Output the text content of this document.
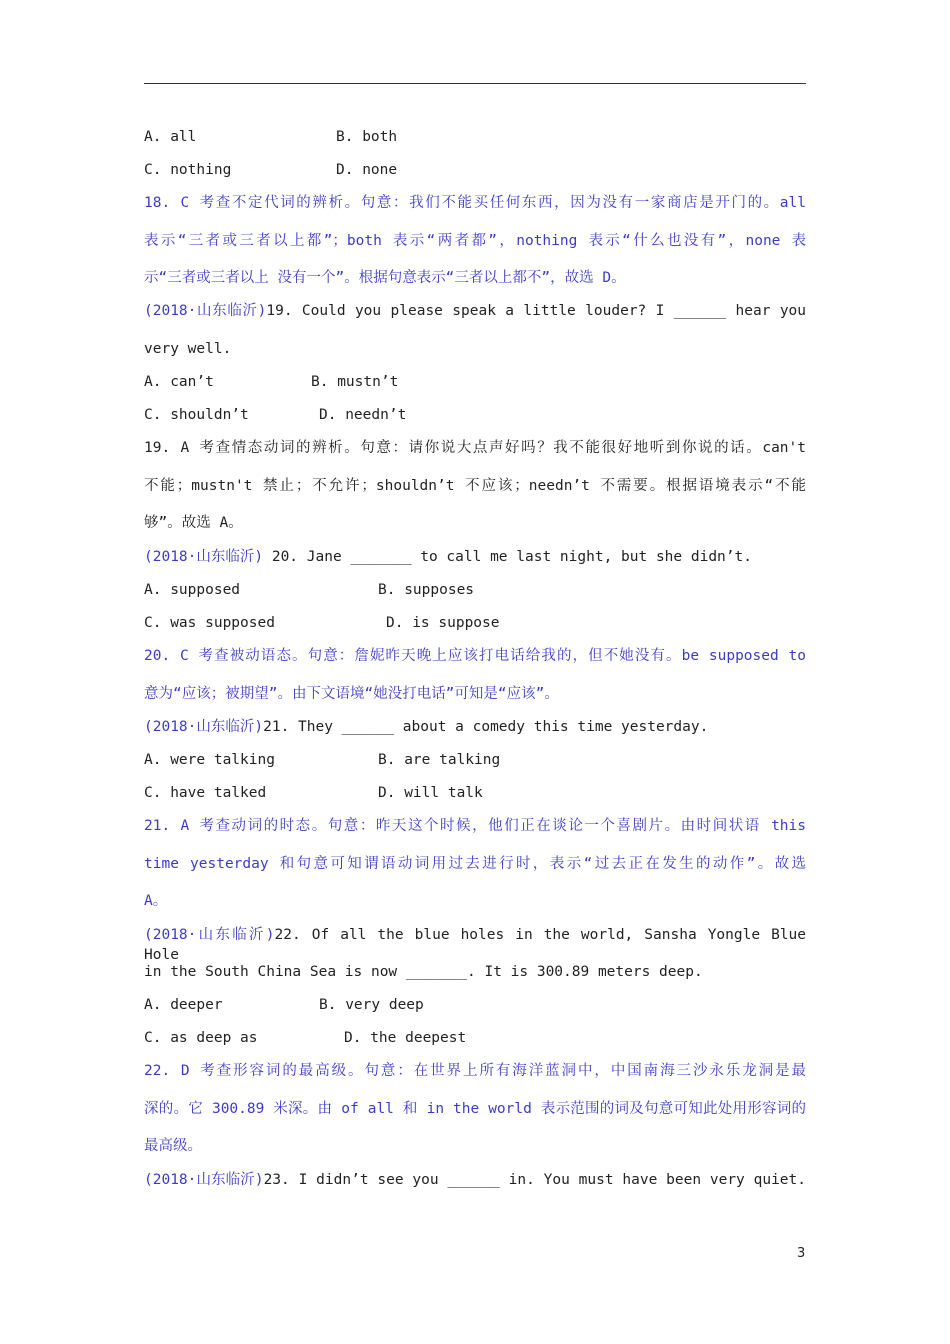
A. all	B. both
C. nothing	D. none
18. C 考查不定代词的辨析。句意：我们不能买任何东西，因为没有一家商店是开门的。all
表示“三者或三者以上都”；both 表示“两者都”，nothing 表示“什么也没有”，none 表
示“三者或三者以上 没有一个”。根据句意表示“三者以上都不”，故选 D。
(2018·山东临沂)19. Could you please speak a little louder? I ______ hear you
very well.
A. can’t	B. mustn’t
C. shouldn’t	D. needn’t
19. A 考查情态动词的辨析。句意：请你说大点声好吗？我不能很好地听到你说的话。can't
不能；mustn't 禁止；不允许；shouldn’t 不应该；needn’t 不需要。根据语境表示“不能
够”。故选 A。
(2018·山东临沂) 20. Jane _______ to call me last night, but she didn’t.
A. supposed	B. supposes
C. was supposed	D. is suppose
20. C 考查被动语态。句意：詹妮昨天晚上应该打电话给我的，但不她没有。be supposed to
意为“应该；被期望”。由下文语境“她没打电话”可知是“应该”。
(2018·山东临沂)21. They ______ about a comedy this time yesterday.
A. were talking	B. are talking
C. have talked	D. will talk
21. A 考查动词的时态。句意：昨天这个时候，他们正在谈论一个喜剧片。由时间状语 this
time yesterday 和句意可知谓语动词用过去进行时，表示“过去正在发生的动作”。故选
A。
(2018·山东临沂)22. Of all the blue holes in the world, Sansha Yongle Blue Hole
in the South China Sea is now _______. It is 300.89 meters deep.
A. deeper	B. very deep
C. as deep as	D. the deepest
22. D 考查形容词的最高级。句意：在世界上所有海洋蓝洞中，中国南海三沙永乐龙洞是最
深的。它 300.89 米深。由 of all 和 in the world 表示范围的词及句意可知此处用形容词的
最高级。
(2018·山东临沂)23. I didn’t see you ______ in. You must have been very quiet.
3
